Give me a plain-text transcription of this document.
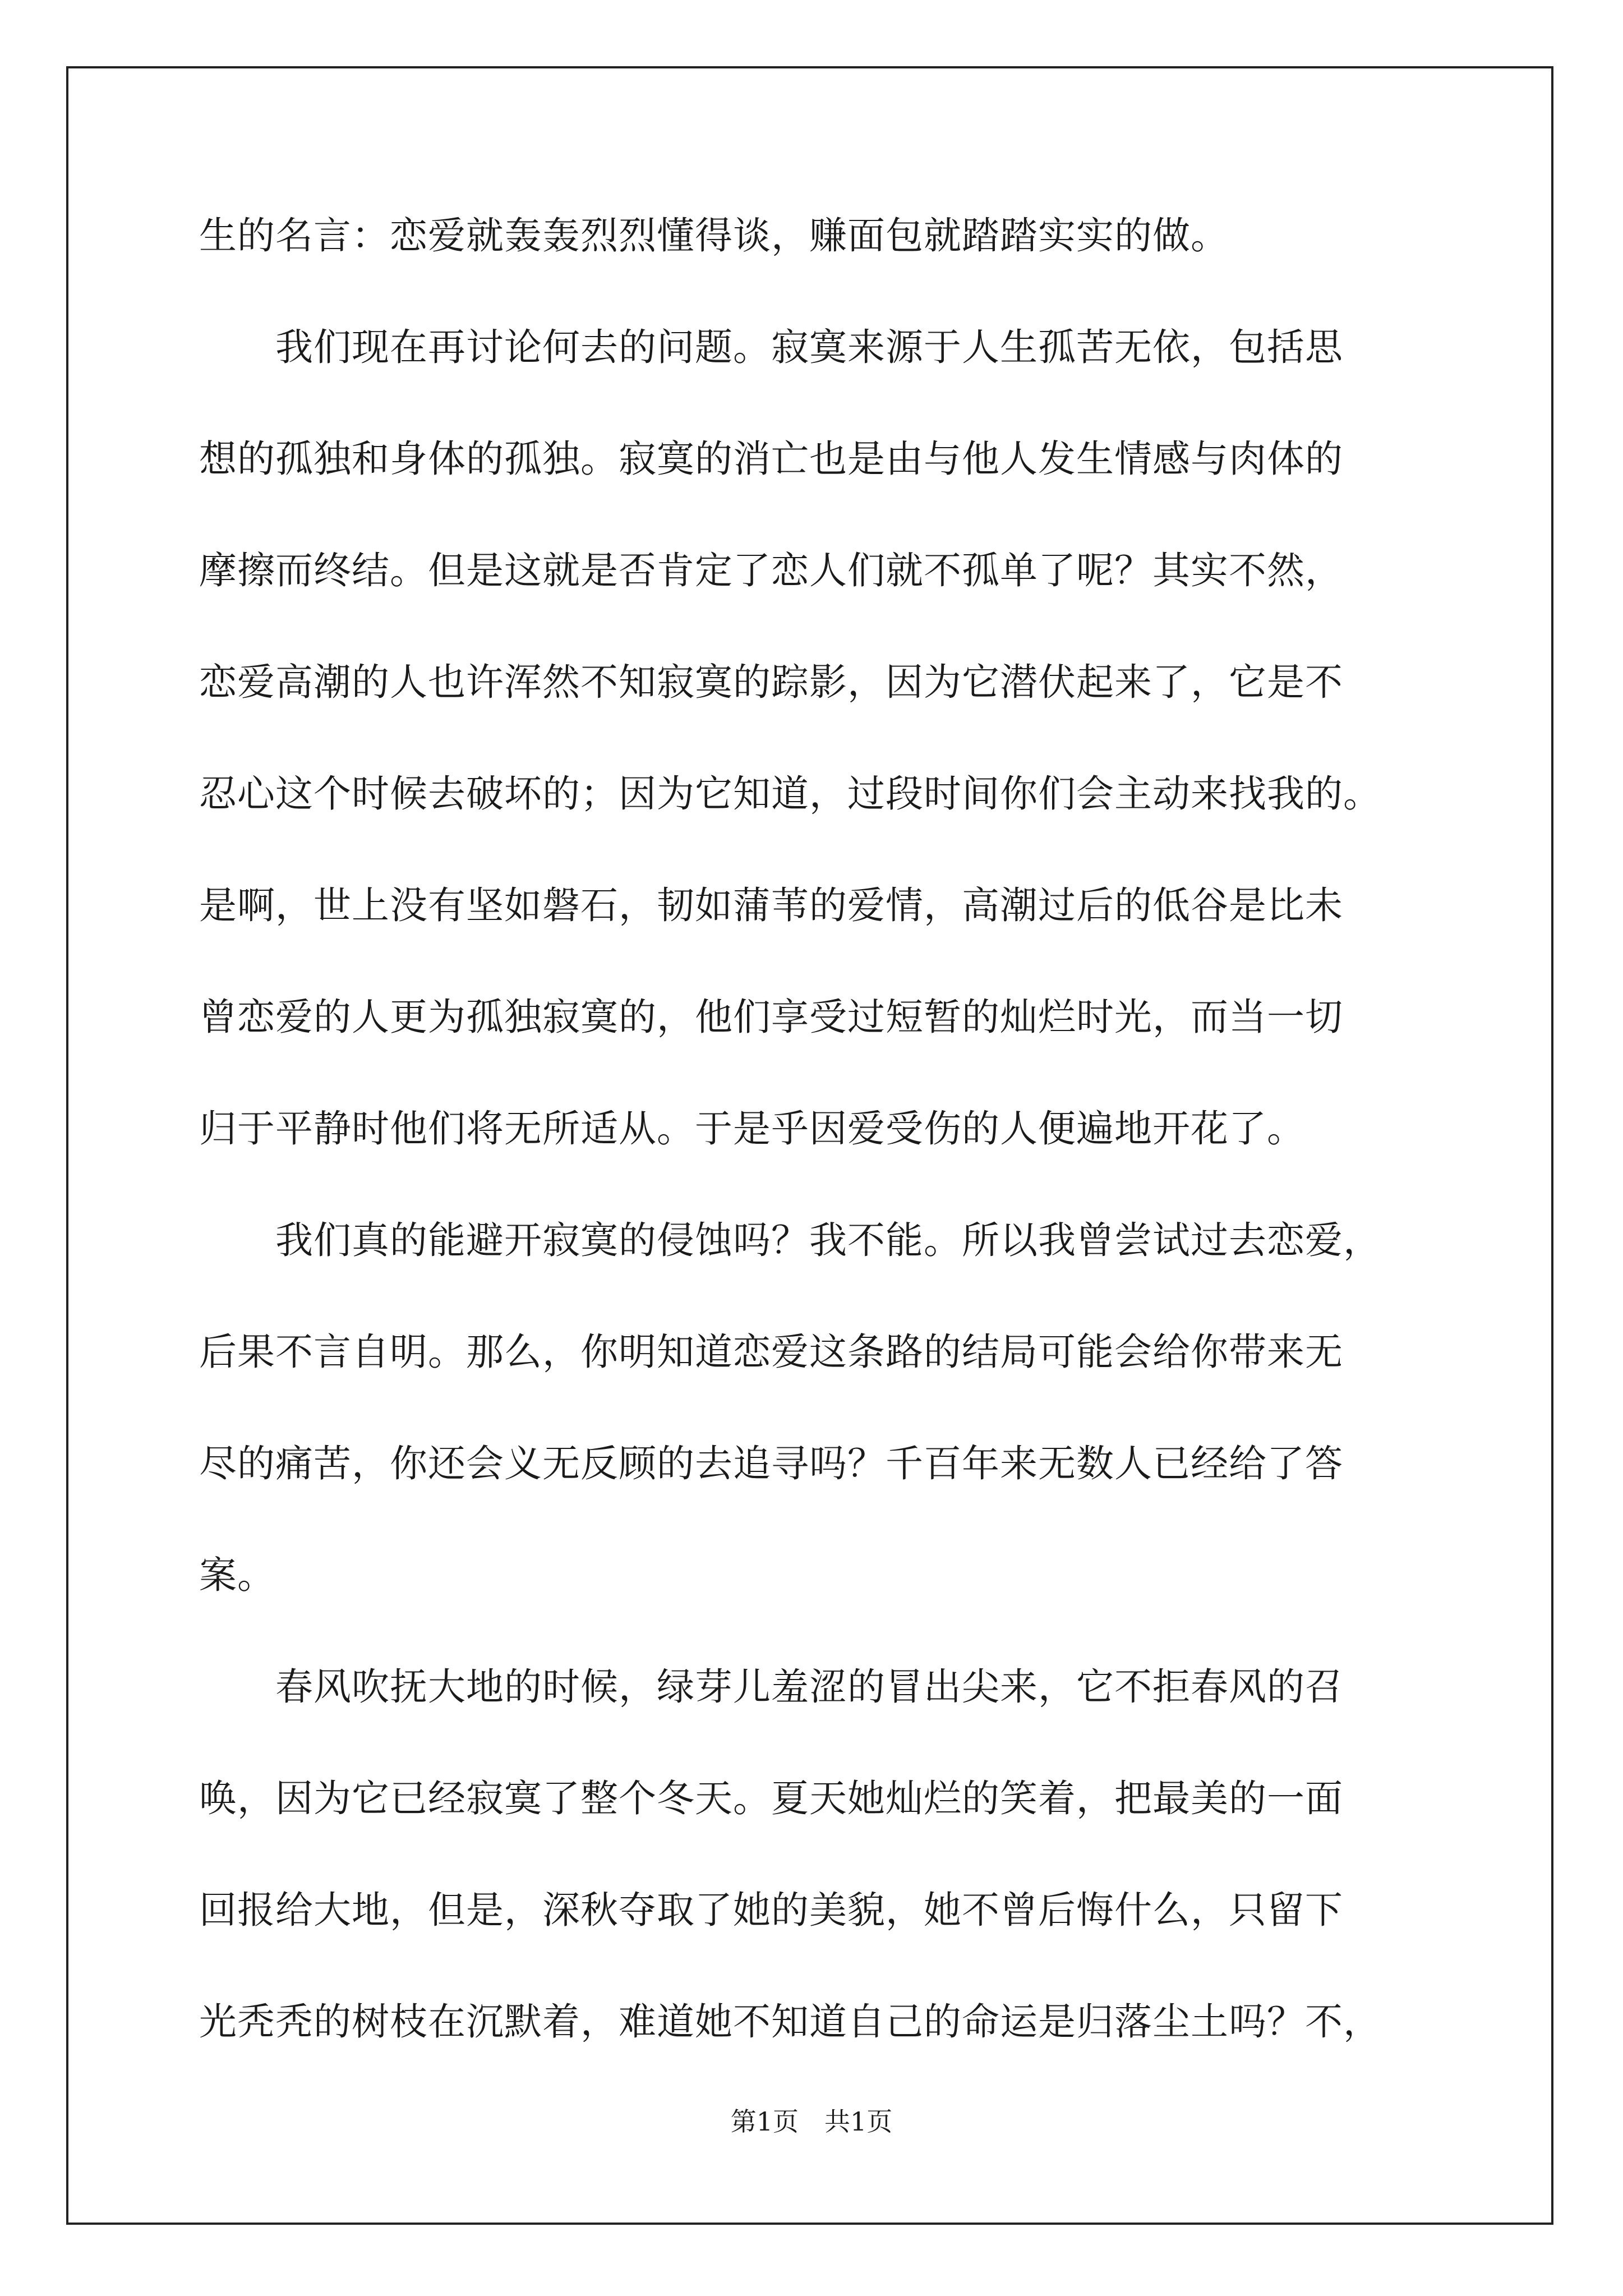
生的名言：恋爱就轰轰烈烈懂得谈，赚面包就踏踏实实的做。
　　我们现在再讨论何去的问题。寂寞来源于人生孤苦无依，包括思
想的孤独和身体的孤独。寂寞的消亡也是由与他人发生情感与肉体的
摩擦而终结。但是这就是否肯定了恋人们就不孤单了呢？其实不然，
恋爱高潮的人也许浑然不知寂寞的踪影，因为它潜伏起来了，它是不
忍心这个时候去破坏的；因为它知道，过段时间你们会主动来找我的。
是啊，世上没有坚如磐石，韧如蒲苇的爱情，高潮过后的低谷是比未
曾恋爱的人更为孤独寂寞的，他们享受过短暂的灿烂时光，而当一切
归于平静时他们将无所适从。于是乎因爱受伤的人便遍地开花了。
　　我们真的能避开寂寞的侵蚀吗？我不能。所以我曾尝试过去恋爱，
后果不言自明。那么，你明知道恋爱这条路的结局可能会给你带来无
尽的痛苦，你还会义无反顾的去追寻吗？千百年来无数人已经给了答
案。
　　春风吹抚大地的时候，绿芽儿羞涩的冒出尖来，它不拒春风的召
唤，因为它已经寂寞了整个冬天。夏天她灿烂的笑着，把最美的一面
回报给大地，但是，深秋夺取了她的美貌，她不曾后悔什么，只留下
光秃秃的树枝在沉默着，难道她不知道自己的命运是归落尘土吗？不，
第1页　共1页
